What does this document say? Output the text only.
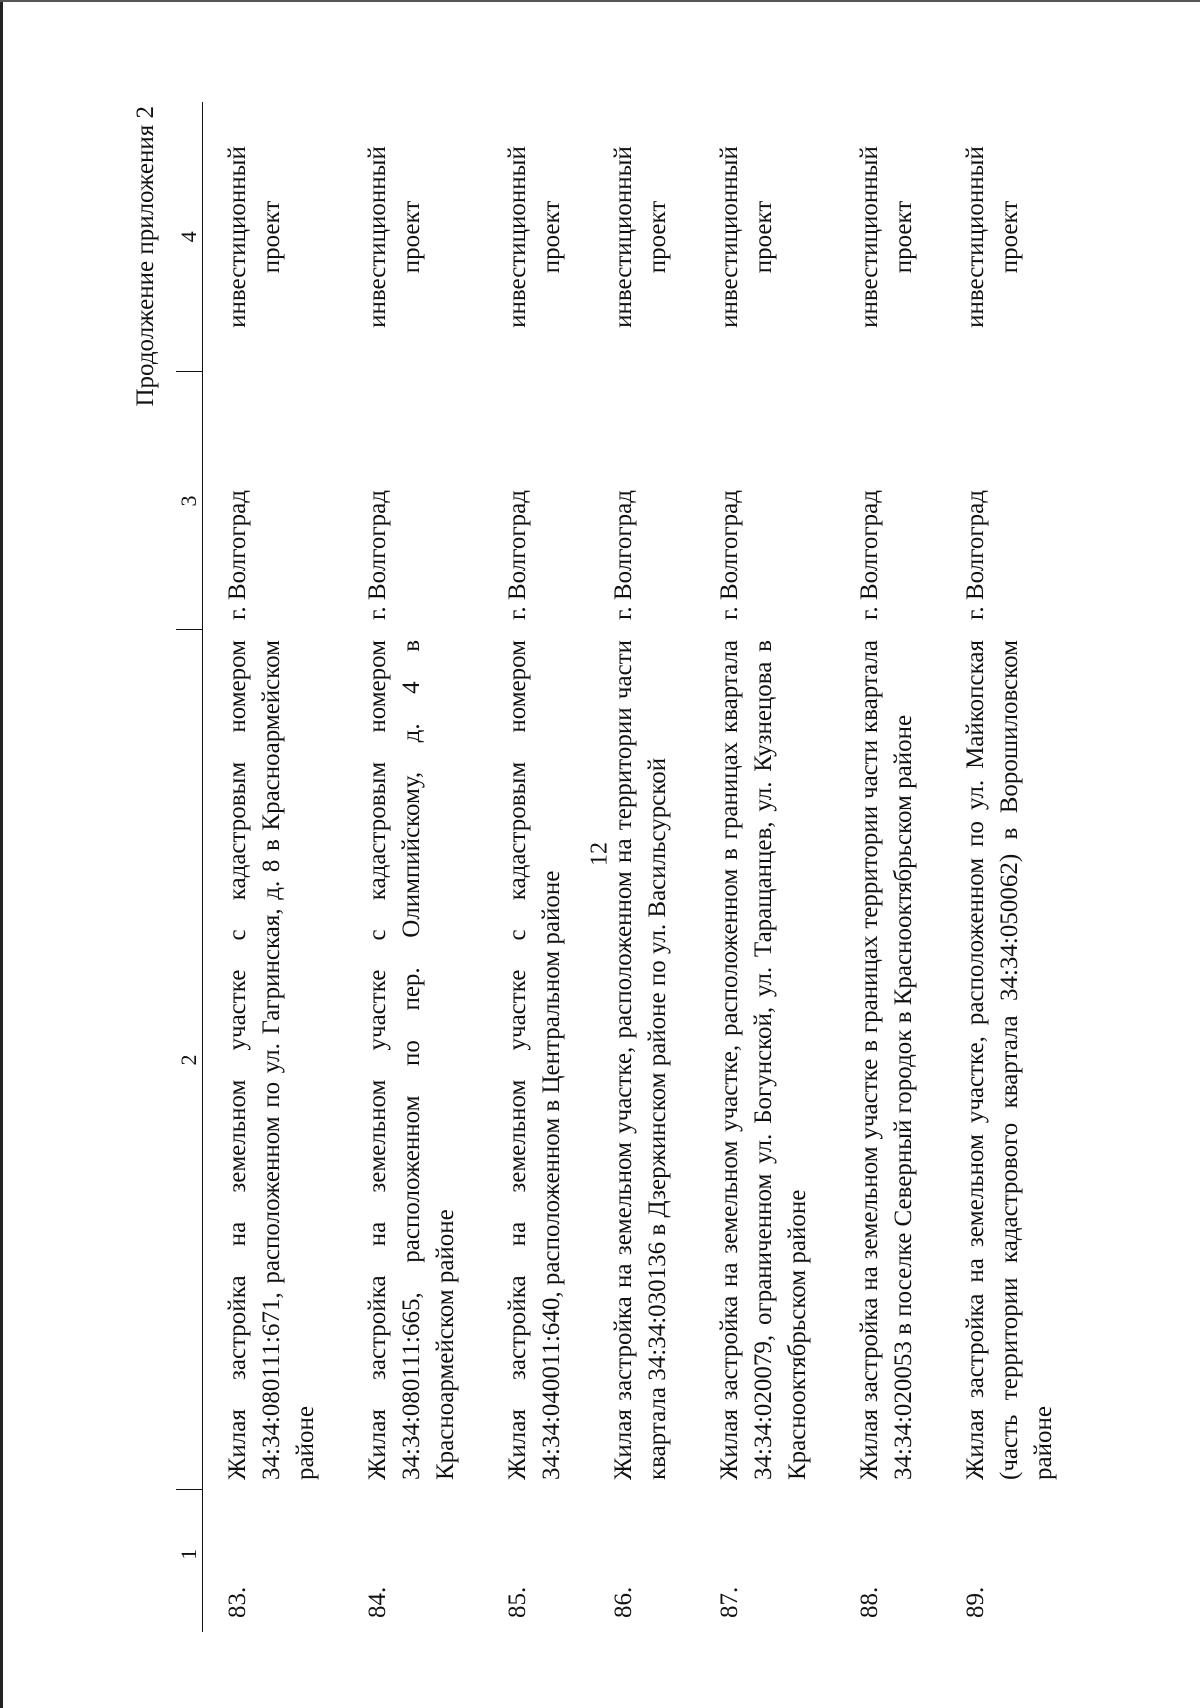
12
Продолжение приложения 2
1	2	3	4
83.	Жилая застройка на земельном участке с кадастровым номером 34:34:080111:671, расположенном по ул. Гагринская, д. 8 в Красноармейском районе	г. Волгоград	инвестиционный проект
84.	Жилая застройка на земельном участке с кадастровым номером 34:34:080111:665, расположенном по пер. Олимпийскому, д. 4 в Красноармейском районе	г. Волгоград	инвестиционный проект
85.	Жилая застройка на земельном участке с кадастровым номером 34:34:040011:640, расположенном в Центральном районе	г. Волгоград	инвестиционный проект
86.	Жилая застройка на земельном участке, расположенном на территории части квартала 34:34:030136 в Дзержинском районе по ул. Васильсурской	г. Волгоград	инвестиционный проект
87.	Жилая застройка на земельном участке, расположенном в границах квартала 34:34:020079, ограниченном ул. Богунской, ул. Таращанцев, ул. Кузнецова в Краснооктябрьском районе	г. Волгоград	инвестиционный проект
88.	Жилая застройка на земельном участке в границах территории части квартала 34:34:020053 в поселке Северный городок в Краснооктябрьском районе	г. Волгоград	инвестиционный проект
89.	Жилая застройка на земельном участке, расположенном по ул. Майкопская (часть территории кадастрового квартала 34:34:050062) в Ворошиловском районе	г. Волгоград	инвестиционный проект
